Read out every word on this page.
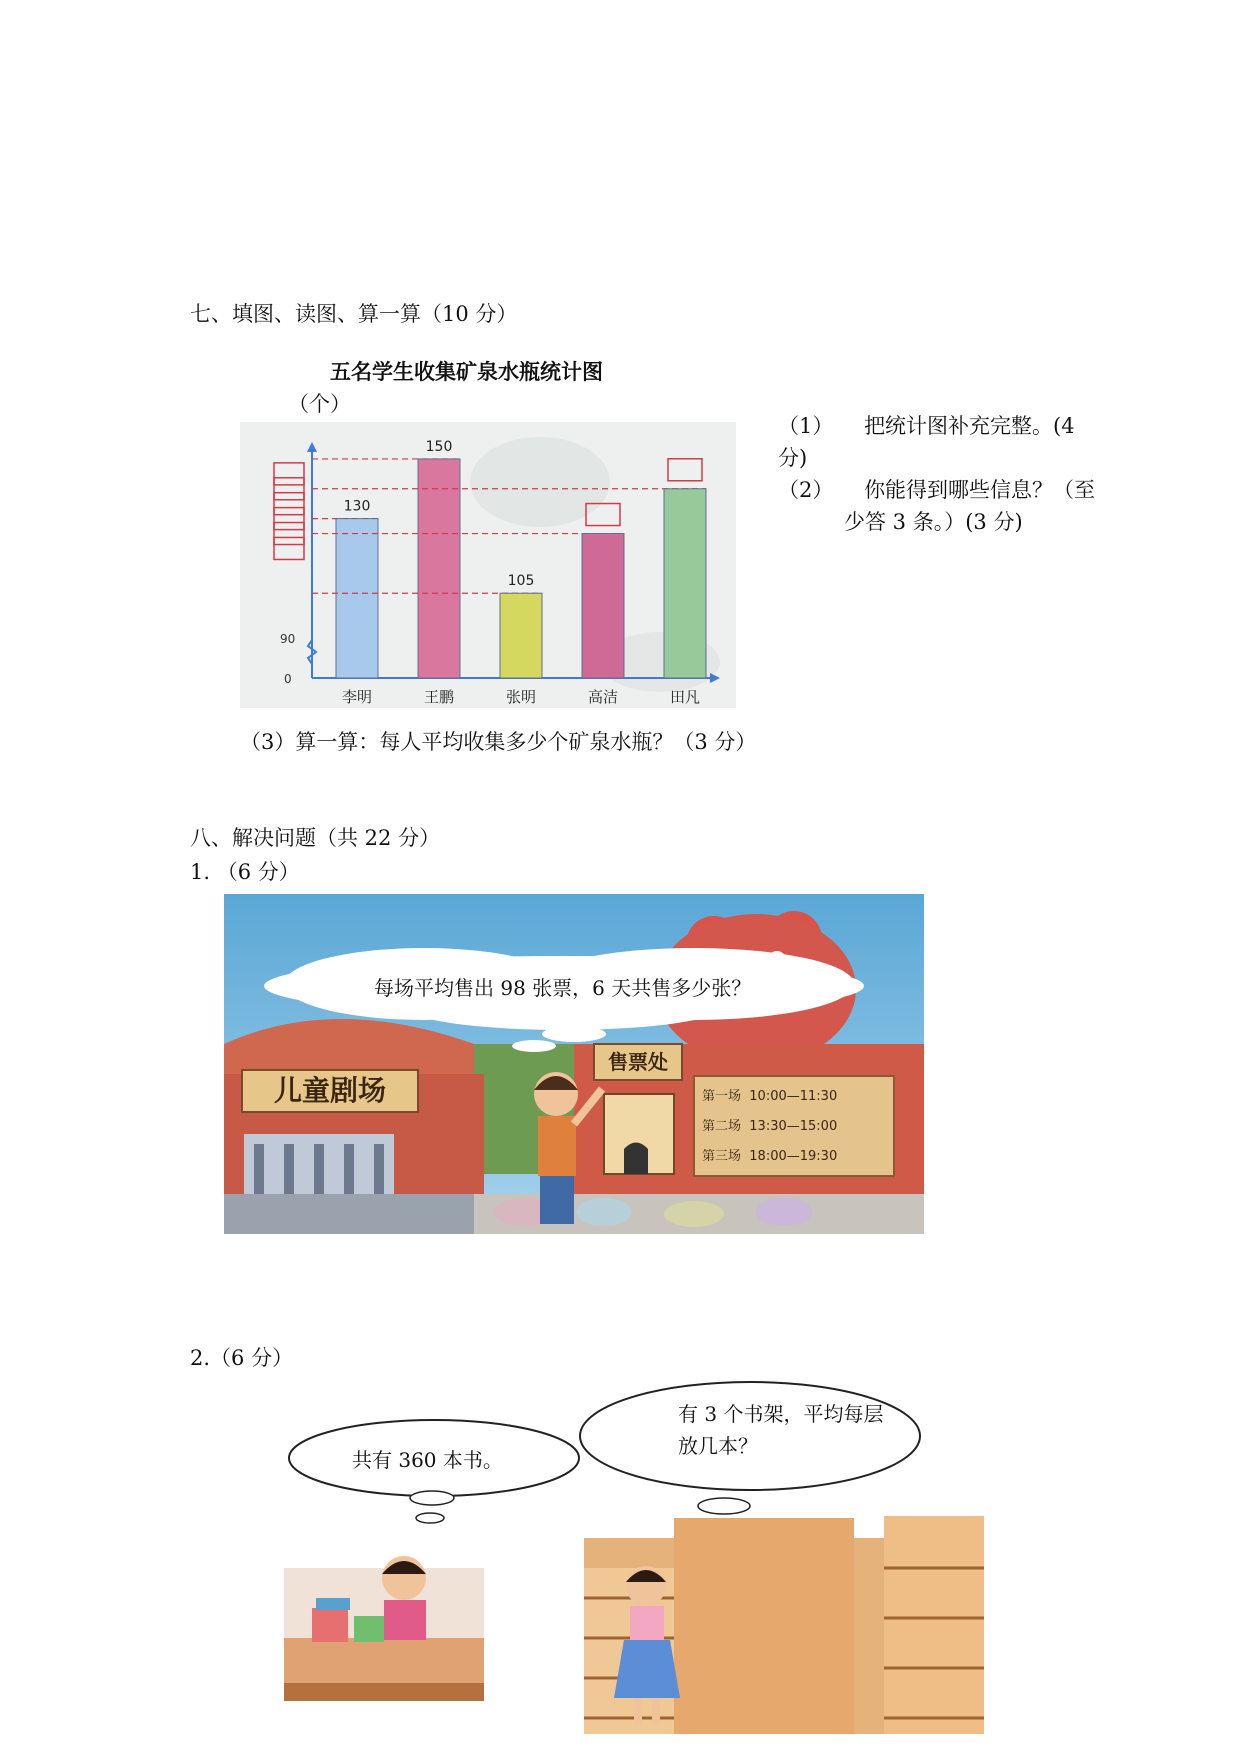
七、填图、读图、算一算（10 分）
五名学生收集矿泉水瓶统计图
（个）
90
0
130
李明
150
王鹏
105
张明	高洁	田凡
（1） 把统计图补充完整。(4 分)
（2） 你能得到哪些信息？（至
少答 3 条。）(3 分)
（3）算一算：每人平均收集多少个矿泉水瓶？（3 分）
八、解决问题（共 22 分）
1. （6 分）
每场平均售出 98 张票，6 天共售多少张？
儿童剧场
售票处
第一场 10:00—11:30
第二场 13:30—15:00
第三场 18:00—19:30
2.（6 分）
共有 360 本书。
有 3 个书架，平均每层
放几本？
